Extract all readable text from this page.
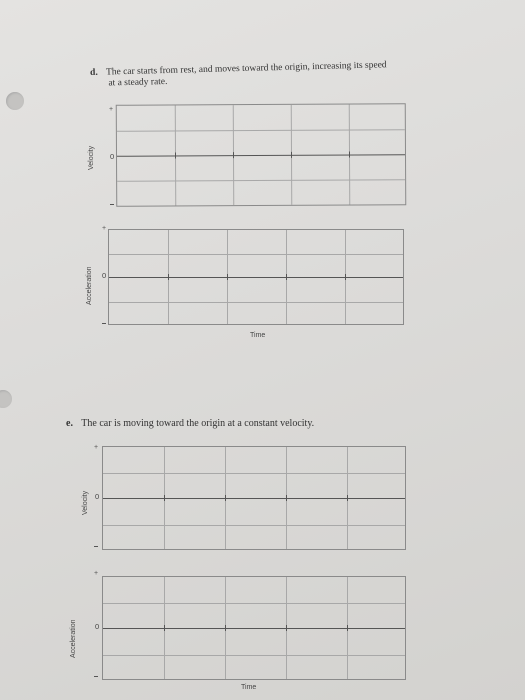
d. The car starts from rest, and moves toward the origin, increasing its speed
at a steady rate.
Velocity
+
0
Acceleration
+
0
Time
e. The car is moving toward the origin at a constant velocity.
Velocity
+
0
Acceleration
+
0
Time
